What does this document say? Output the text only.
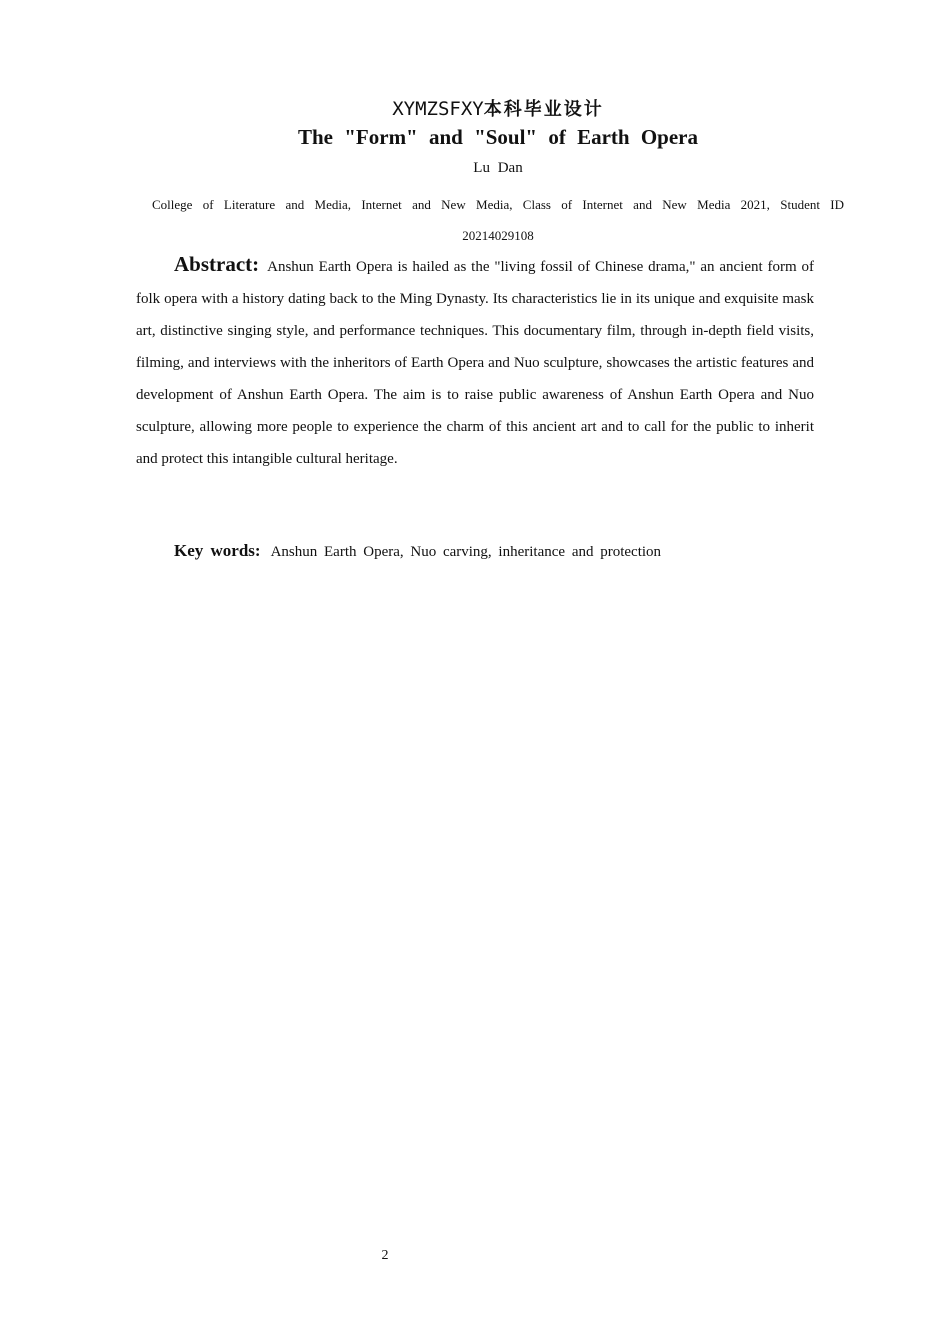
XYMZSFXY本科毕业设计
The "Form" and "Soul" of Earth Opera
Lu Dan
College of Literature and Media, Internet and New Media, Class of Internet and New Media 2021, Student ID 20214029108

Abstract: Anshun Earth Opera is hailed as the "living fossil of Chinese drama," an ancient form of folk opera with a history dating back to the Ming Dynasty. Its characteristics lie in its unique and exquisite mask art, distinctive singing style, and performance techniques. This documentary film, through in-depth field visits, filming, and interviews with the inheritors of Earth Opera and Nuo sculpture, showcases the artistic features and development of Anshun Earth Opera. The aim is to raise public awareness of Anshun Earth Opera and Nuo sculpture, allowing more people to experience the charm of this ancient art and to call for the public to inherit and protect this intangible cultural heritage.

Key words: Anshun Earth Opera, Nuo carving, inheritance and protection

2
